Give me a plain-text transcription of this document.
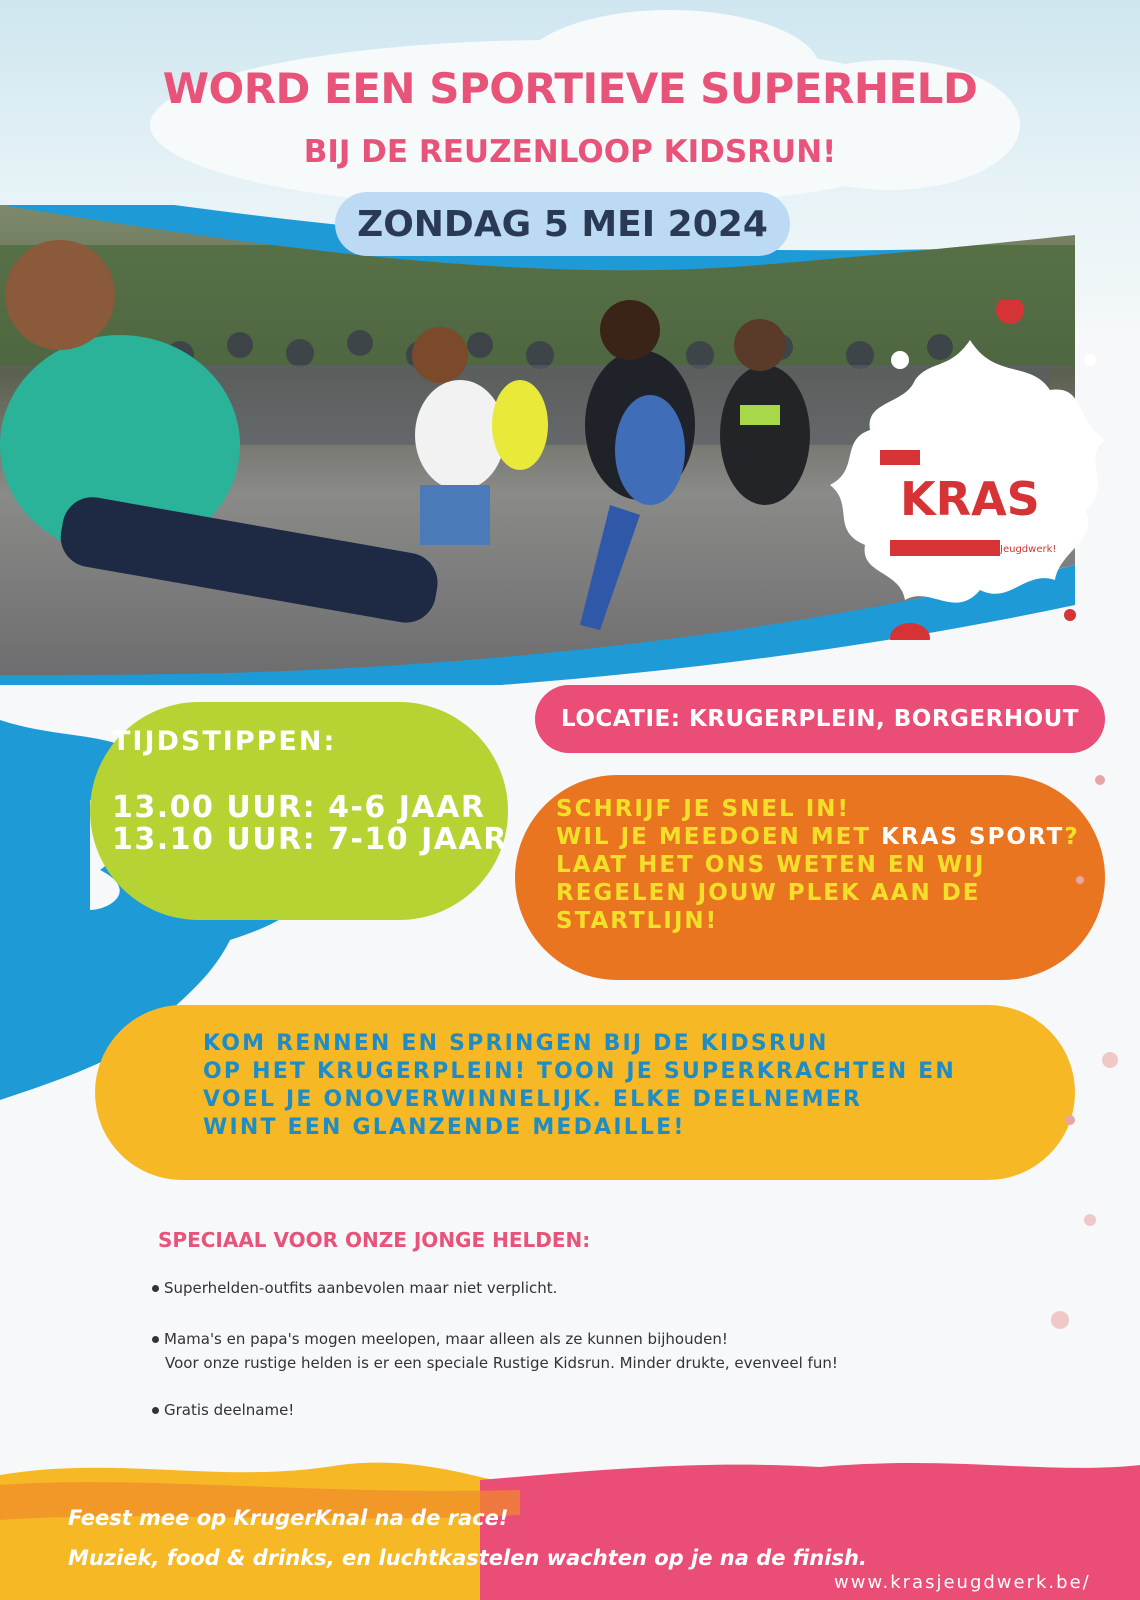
KRAS
Jeugdwerk!
WORD EEN SPORTIEVE SUPERHELD
BIJ DE REUZENLOOP KIDSRUN!
ZONDAG 5 MEI 2024
LOCATIE: KRUGERPLEIN, BORGERHOUT
TIJDSTIPPEN:
13.00 UUR: 4-6 JAAR
13.10 UUR: 7-10 JAAR
SCHRIJF JE SNEL IN!
WIL JE MEEDOEN MET KRAS SPORT?
LAAT HET ONS WETEN EN WIJ
REGELEN JOUW PLEK AAN DE
STARTLIJN!
KOM RENNEN EN SPRINGEN BIJ DE KIDSRUN
OP HET KRUGERPLEIN! TOON JE SUPERKRACHTEN EN
VOEL JE ONOVERWINNELIJK. ELKE DEELNEMER
WINT EEN GLANZENDE MEDAILLE!
SPECIAAL VOOR ONZE JONGE HELDEN:
Superhelden-outfits aanbevolen maar niet verplicht.
Mama's en papa's mogen meelopen, maar alleen als ze kunnen bijhouden!
Voor onze rustige helden is er een speciale Rustige Kidsrun. Minder drukte, evenveel fun!
Gratis deelname!
Feest mee op KrugerKnal na de race!
Muziek, food & drinks, en luchtkastelen wachten op je na de finish.
www.krasjeugdwerk.be/
